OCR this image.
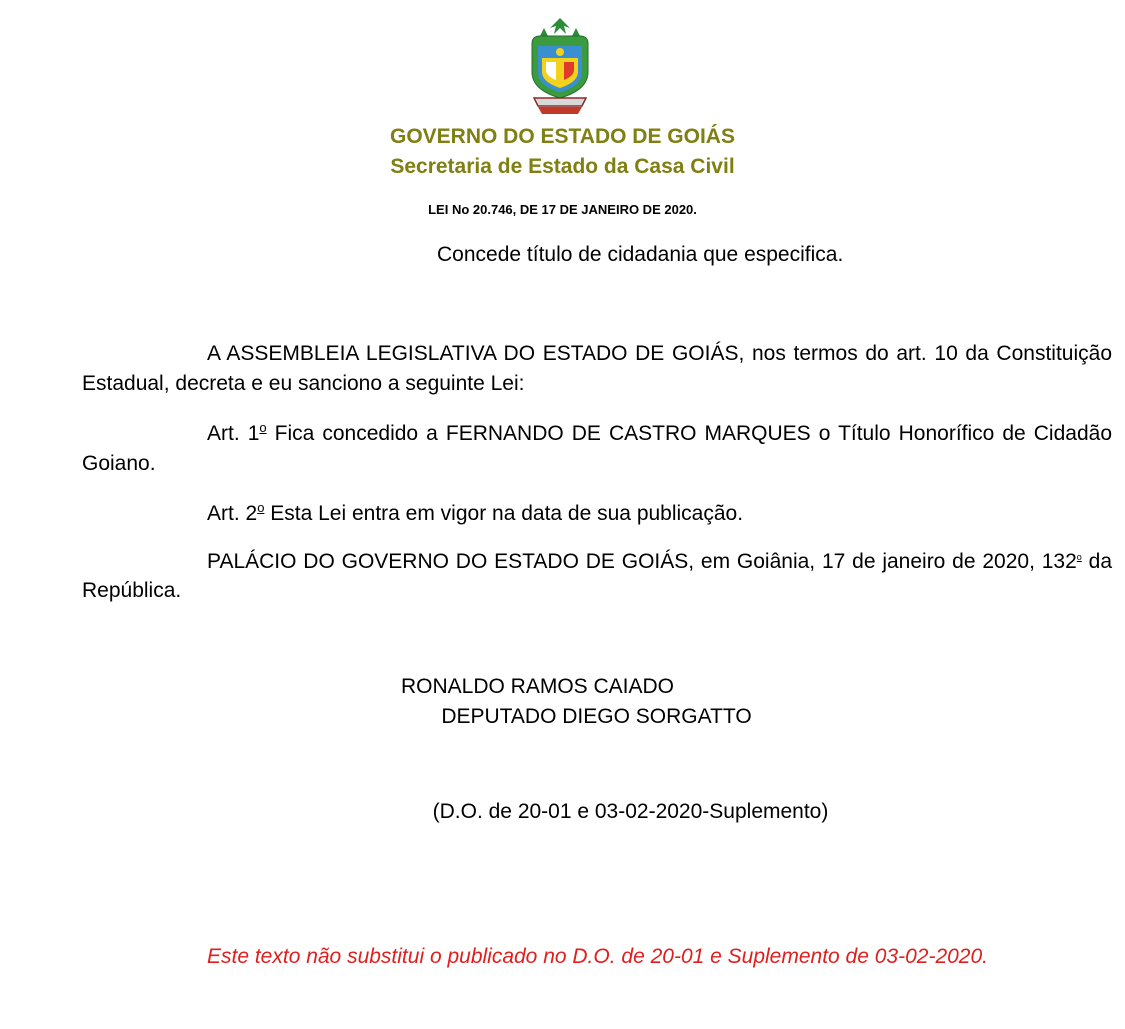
GOVERNO DO ESTADO DE GOIÁS
Secretaria de Estado da Casa Civil
LEI No 20.746, DE 17 DE JANEIRO DE 2020.
Concede título de cidadania que especifica.
A ASSEMBLEIA LEGISLATIVA DO ESTADO DE GOIÁS, nos termos do art. 10 da Constituição Estadual, decreta e eu sanciono a seguinte Lei:
Art. 1$^o$ Fica concedido a FERNANDO DE CASTRO MARQUES o Título Honorífico de Cidadão Goiano.
Art. 2$^o$ Esta Lei entra em vigor na data de sua publicação.
PALÁCIO DO GOVERNO DO ESTADO DE GOIÁS, em Goiânia, 17 de janeiro de 2020, 132$^o$ da República.
RONALDO RAMOS CAIADO
DEPUTADO DIEGO SORGATTO
(D.O. de 20-01 e 03-02-2020-Suplemento)
Este texto não substitui o publicado no D.O. de 20-01 e Suplemento de 03-02-2020.
